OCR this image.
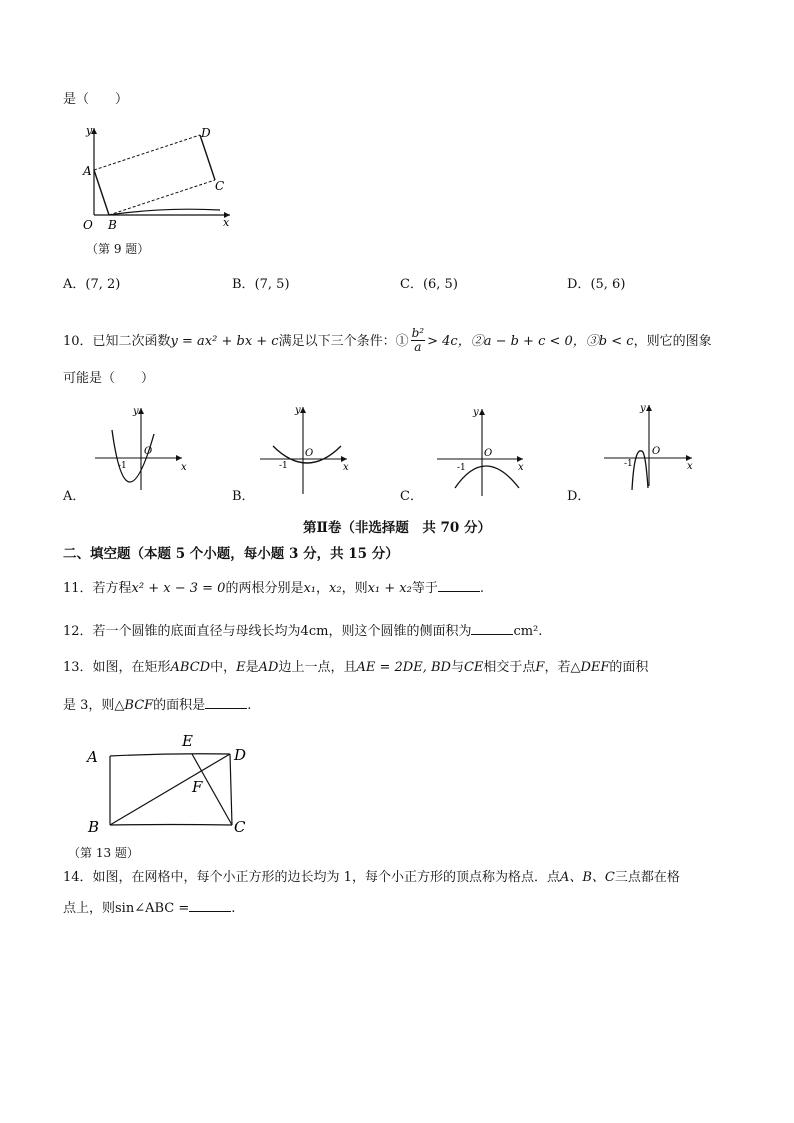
是（　　）
y
x
O
A
B
C
D
（第 9 题）
A．(7, 2)	B．(7, 5)	C．(6, 5)	D．(5, 6)
10．已知二次函数y = ax² + bx + c满足以下三个条件：① $\frac{\text{b²}}{a} > 4c$，②a − b + c < 0，③b < c，则它的图象
可能是（　　）
y
x
O
-1
A．
y
x
O
-1
B．
y
x
O
-1
C．
y
x
O
-1
D．
第Ⅱ卷（非选择题　共 70 分）
二、填空题（本题 5 个小题，每小题 3 分，共 15 分）
11．若方程x² + x − 3 = 0的两根分别是x₁，x₂，则x₁ + x₂等于	.
12．若一个圆锥的底面直径与母线长均为4cm，则这个圆锥的侧面积为	cm².
13．如图，在矩形ABCD中，E是AD边上一点，且AE = 2DE, BD与CE相交于点F，若△DEF的面积
是 3，则△BCF的面积是	.
A
B	C
D
E
F
（第 13 题）
14．如图，在网格中，每个小正方形的边长均为 1，每个小正方形的顶点称为格点．点A、B、C三点都在格
点上，则sin∠ABC =	.
